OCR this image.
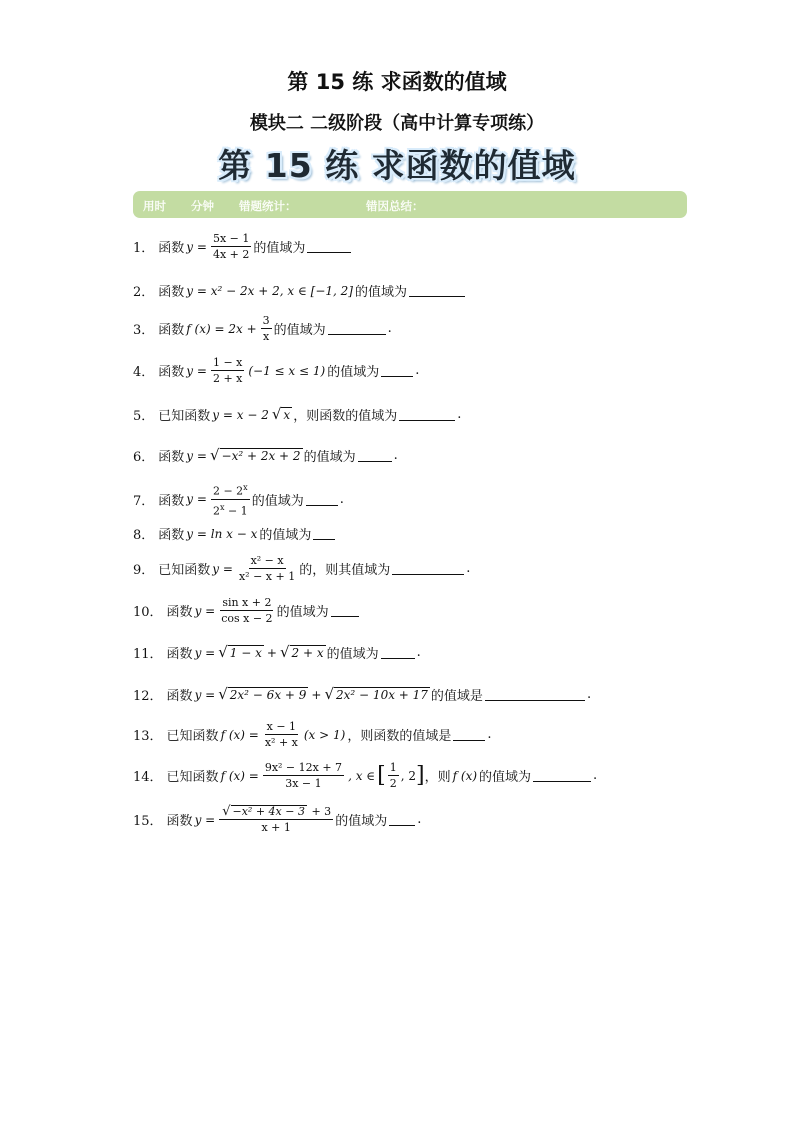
第 15 练 求函数的值域
模块二 二级阶段（高中计算专项练）
第 15 练 求函数的值域
用时 分钟 错题统计：	错因总结：
1． 函数 $y = \frac{5x - 1}{4x + 2}$ 的值域为
2． 函数 y = x² − 2x + 2, x ∈ [−1, 2] 的值域为
3． 函数 f $(x) = 2x + \frac{3}{x}$ 的值域为	.
4． 函数 $y = \frac{1 - x}{2 + x} (-1 \le x \le 1)$ 的值域为	.
5． 已知函数 y = x − 2 √ x ，则函数的值域为	.
6． 函数 y = √ −x² + 2x + 2 的值域为	.
7． 函数 $y = \frac{2 - 2^x}{2^x - 1}$ 的值域为	.
8． 函数 y = ln x − x 的值域为
9． 已知函数 $y = \frac{\text{x² − x}}{\text{x² − x + 1}}$ 的，则其值域为	.
10． 函数 $y = \frac{\text{sin x + 2}}{\text{cos x − 2}}$ 的值域为
11． 函数 y = √ 1 − x + √ 2 + x 的值域为	.
12． 函数 y = √ 2x² − 6x + 9 + √ 2x² − 10x + 17 的值域是	.
13． 已知函数 f $(x) = \frac{x - 1}{\text{x² + x}} (x > 1)$ ，则函数的值域是	.
14． 已知函数 f $(x) = \frac{\text{9x² − 12x + 7}}{3x - 1}$ , x ∈ [ $\frac{1}{2}$ , 2 ] ，则 f (x) 的值域为	.
15． 函数 $y = \frac{\text{√ −x² + 4x − 3 + 3}}{x + 1}$ 的值域为 .
